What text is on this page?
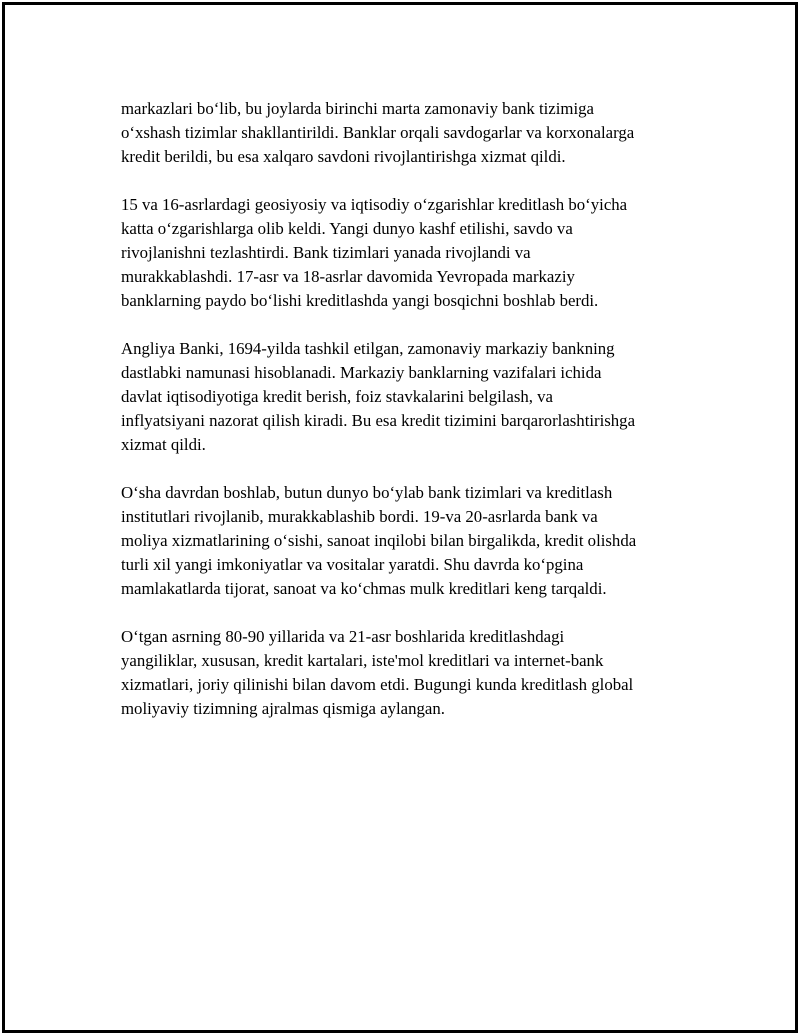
markazlari bo‘lib, bu joylarda birinchi marta zamonaviy bank tizimiga
o‘xshash tizimlar shakllantirildi. Banklar orqali savdogarlar va korxonalarga
kredit berildi, bu esa xalqaro savdoni rivojlantirishga xizmat qildi.

15 va 16-asrlardagi geosiyosiy va iqtisodiy o‘zgarishlar kreditlash bo‘yicha
katta o‘zgarishlarga olib keldi. Yangi dunyo kashf etilishi, savdo va
rivojlanishni tezlashtirdi. Bank tizimlari yanada rivojlandi va
murakkablashdi. 17-asr va 18-asrlar davomida Yevropada markaziy
banklarning paydo bo‘lishi kreditlashda yangi bosqichni boshlab berdi.

Angliya Banki, 1694-yilda tashkil etilgan, zamonaviy markaziy bankning
dastlabki namunasi hisoblanadi. Markaziy banklarning vazifalari ichida
davlat iqtisodiyotiga kredit berish, foiz stavkalarini belgilash, va
inflyatsiyani nazorat qilish kiradi. Bu esa kredit tizimini barqarorlashtirishga
xizmat qildi.

O‘sha davrdan boshlab, butun dunyo bo‘ylab bank tizimlari va kreditlash
institutlari rivojlanib, murakkablashib bordi. 19-va 20-asrlarda bank va
moliya xizmatlarining o‘sishi, sanoat inqilobi bilan birgalikda, kredit olishda
turli xil yangi imkoniyatlar va vositalar yaratdi. Shu davrda ko‘pgina
mamlakatlarda tijorat, sanoat va ko‘chmas mulk kreditlari keng tarqaldi.

O‘tgan asrning 80-90 yillarida va 21-asr boshlarida kreditlashdagi
yangiliklar, xususan, kredit kartalari, iste'mol kreditlari va internet-bank
xizmatlari, joriy qilinishi bilan davom etdi. Bugungi kunda kreditlash global
moliyaviy tizimning ajralmas qismiga aylangan.
